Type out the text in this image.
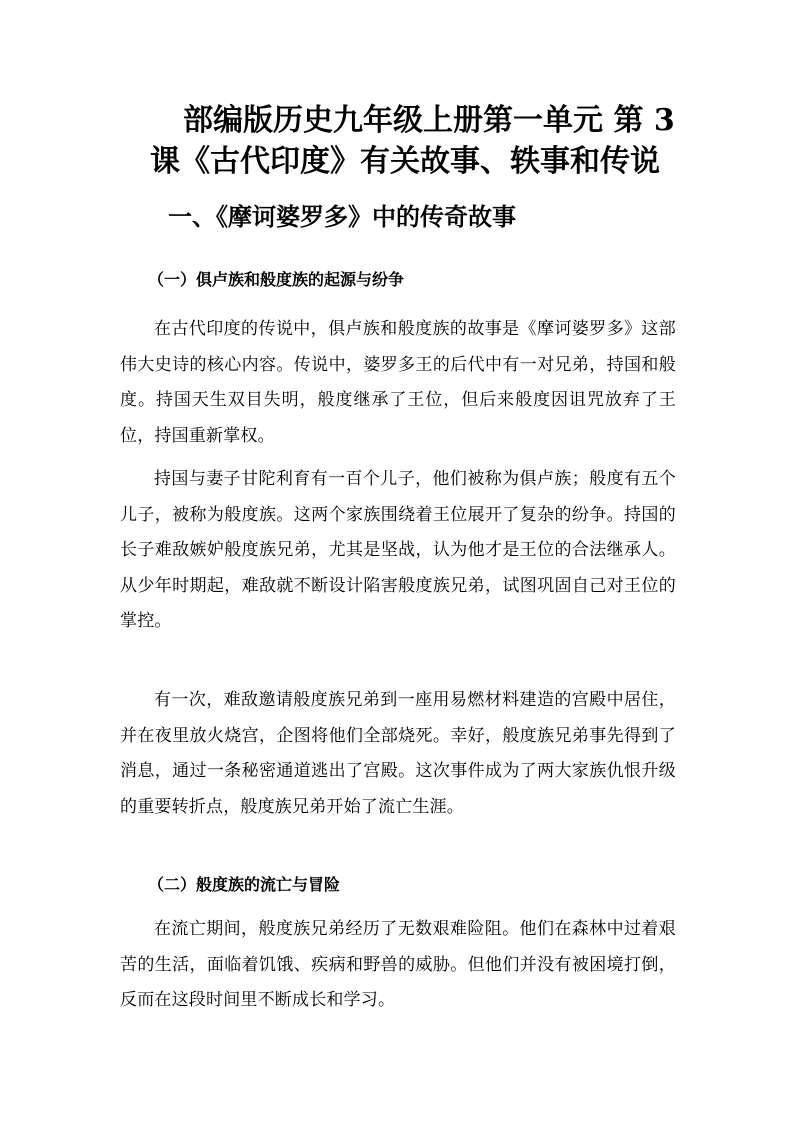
部编版历史九年级上册第一单元 第 3
课《古代印度》有关故事、轶事和传说
一、《摩诃婆罗多》中的传奇故事
（一）俱卢族和般度族的起源与纷争

在古代印度的传说中，俱卢族和般度族的故事是《摩诃婆罗多》这部伟大史诗的核心内容。传说中，婆罗多王的后代中有一对兄弟，持国和般度。持国天生双目失明，般度继承了王位，但后来般度因诅咒放弃了王位，持国重新掌权。

持国与妻子甘陀利育有一百个儿子，他们被称为俱卢族；般度有五个儿子，被称为般度族。这两个家族围绕着王位展开了复杂的纷争。持国的长子难敌嫉妒般度族兄弟，尤其是坚战，认为他才是王位的合法继承人。从少年时期起，难敌就不断设计陷害般度族兄弟，试图巩固自己对王位的掌控。

有一次，难敌邀请般度族兄弟到一座用易燃材料建造的宫殿中居住，并在夜里放火烧宫，企图将他们全部烧死。幸好，般度族兄弟事先得到了消息，通过一条秘密通道逃出了宫殿。这次事件成为了两大家族仇恨升级的重要转折点，般度族兄弟开始了流亡生涯。

（二）般度族的流亡与冒险

在流亡期间，般度族兄弟经历了无数艰难险阻。他们在森林中过着艰苦的生活，面临着饥饿、疾病和野兽的威胁。但他们并没有被困境打倒，反而在这段时间里不断成长和学习。
